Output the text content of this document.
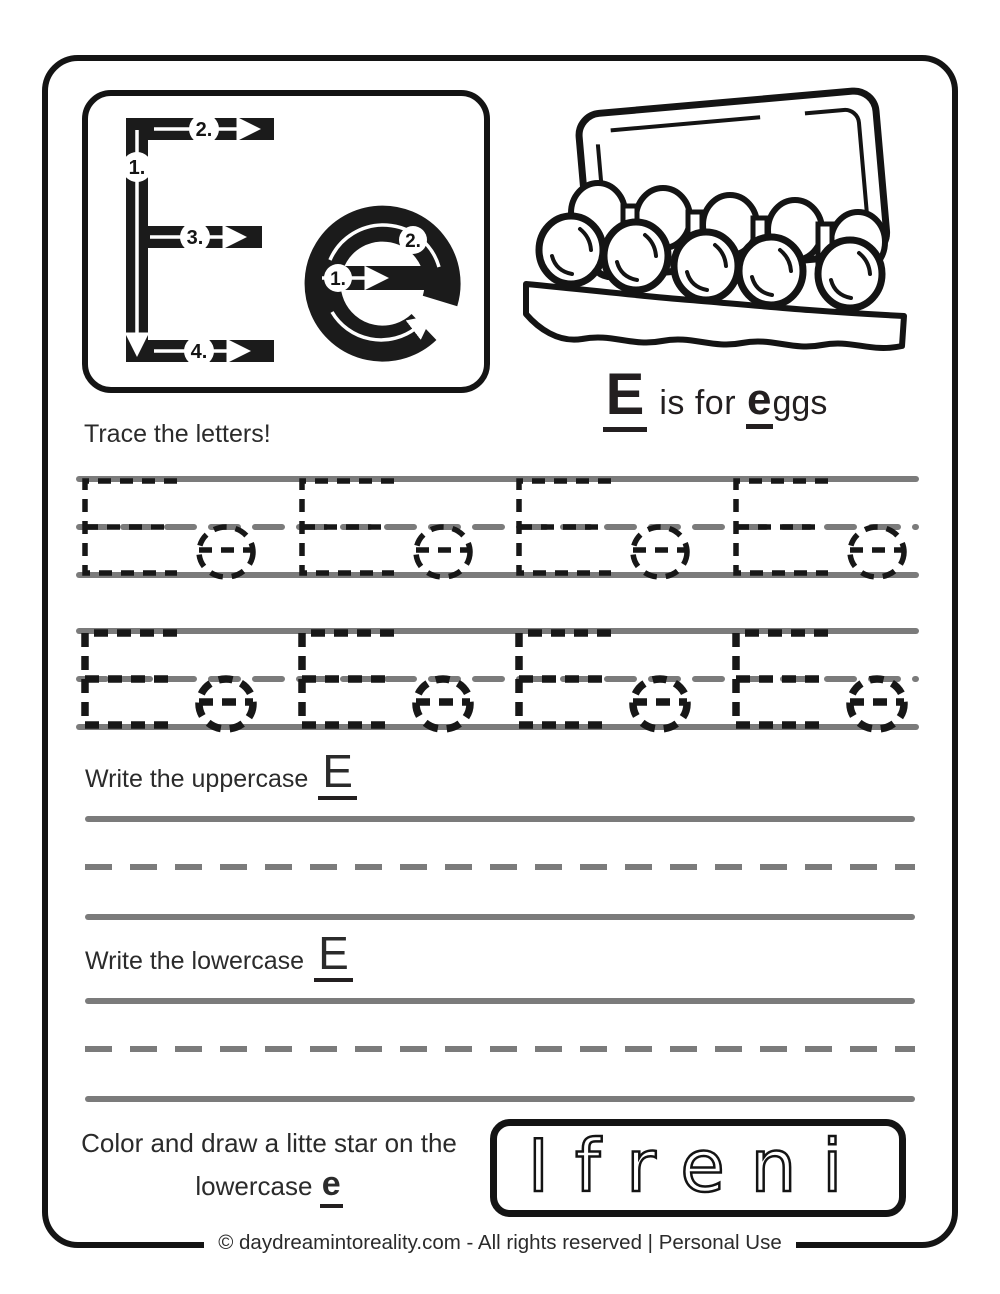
1.
2.
3.
4.
1.
2.
E is for e ggs
Trace the letters!
Write the uppercase E
Write the lowercase E
Color and draw a litte star on the
lowercase e	Ifreni
© daydreamintoreality.com - All rights reserved | Personal Use
